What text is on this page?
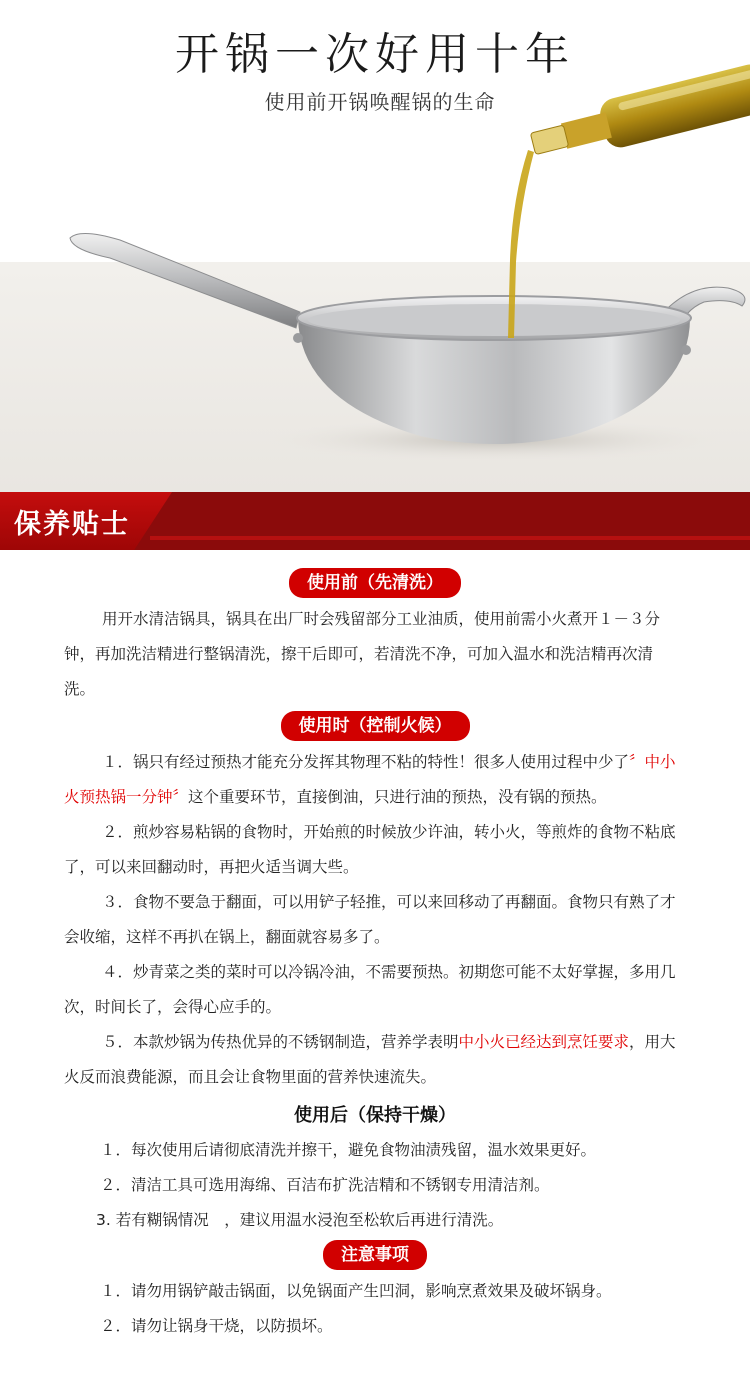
开锅一次好用十年
使用前开锅唤醒锅的生命
保养贴士
使用前（先清洗）

用开水清洁锅具，锅具在出厂时会残留部分工业油质，使用前需小火煮开１－３分钟，再加洗洁精进行整锅清洗，擦干后即可，若清洗不净，可加入温水和洗洁精再次清洗。

使用时（控制火候）

１．锅只有经过预热才能充分发挥其物理不粘的特性！很多人使用过程中少了〞中小火预热锅一分钟〞这个重要环节，直接倒油，只进行油的预热，没有锅的预热。

２．煎炒容易粘锅的食物时，开始煎的时候放少许油，转小火，等煎炸的食物不粘底了，可以来回翻动时，再把火适当调大些。

３．食物不要急于翻面，可以用铲子轻推，可以来回移动了再翻面。食物只有熟了才会收缩，这样不再扒在锅上，翻面就容易多了。

４．炒青菜之类的菜时可以冷锅冷油，不需要预热。初期您可能不太好掌握，多用几次，时间长了，会得心应手的。

５．本款炒锅为传热优异的不锈钢制造，营养学表明中小火已经达到烹饪要求，用大火反而浪费能源，而且会让食物里面的营养快速流失。

使用后（保持干燥）

１．每次使用后请彻底清洗并擦干，避免食物油渍残留，温水效果更好。

２．清洁工具可选用海绵、百洁布扩洗洁精和不锈钢专用清洁剂。

3. 若有糊锅情况　，建议用温水浸泡至松软后再进行清洗。

注意事项

１．请勿用锅铲敲击锅面，以免锅面产生凹洞，影响烹煮效果及破坏锅身。

２．请勿让锅身干烧，以防损坏。
